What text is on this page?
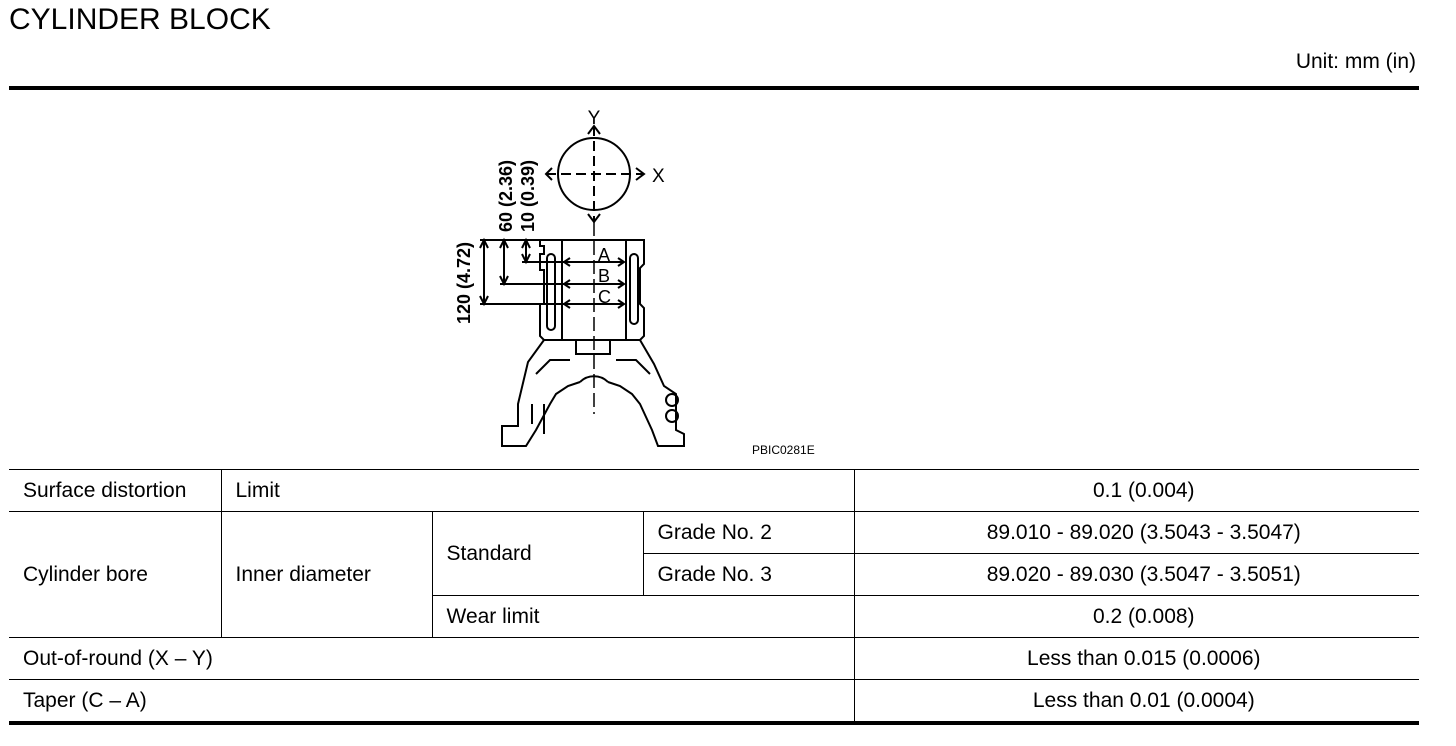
CYLINDER BLOCK
Unit: mm (in)
Y
X
A
B
C
120 (4.72)
60 (2.36) 10 (0.39)
PBIC0281E
Surface distortion	Limit			0.1 (0.004)
Cylinder bore	Inner diameter	Standard	Grade No. 2	89.010 - 89.020 (3.5043 - 3.5047)
			Grade No. 3	89.020 - 89.030 (3.5047 - 3.5051)
		Wear limit		0.2 (0.008)
Out-of-round (X – Y)				Less than 0.015 (0.0006)
Taper (C – A)				Less than 0.01 (0.0004)
